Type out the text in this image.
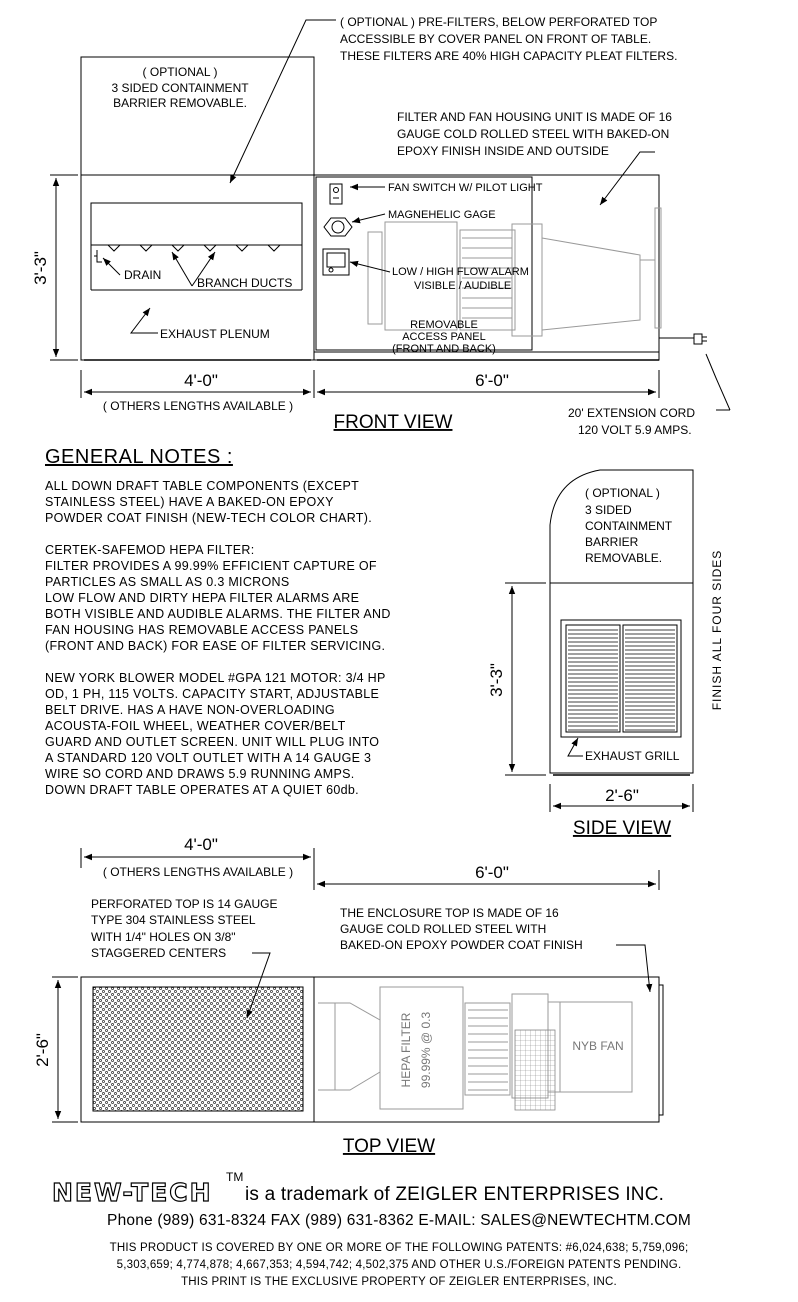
( OPTIONAL )
3 SIDED CONTAINMENT
BARRIER REMOVABLE.
( OPTIONAL ) PRE-FILTERS, BELOW PERFORATED TOP
ACCESSIBLE BY COVER PANEL ON FRONT OF TABLE.
THESE FILTERS ARE 40% HIGH CAPACITY PLEAT FILTERS.
FILTER AND FAN HOUSING UNIT IS MADE OF 16
GAUGE COLD ROLLED STEEL WITH BAKED-ON
EPOXY FINISH INSIDE AND OUTSIDE
FAN SWITCH W/ PILOT LIGHT
MAGNEHELIC GAGE
LOW / HIGH FLOW ALARM
VISIBLE / AUDIBLE
REMOVABLE
ACCESS PANEL
(FRONT AND BACK)
DRAIN
BRANCH DUCTS
EXHAUST PLENUM
3'-3"
4'-0"
( OTHERS LENGTHS AVAILABLE )
6'-0"
FRONT VIEW	20' EXTENSION CORD
120 VOLT 5.9 AMPS.
( OPTIONAL )
3 SIDED
CONTAINMENT
BARRIER
REMOVABLE.	FINISH ALL FOUR SIDES
EXHAUST GRILL
3'-3"
2'-6"
SIDE VIEW
4'-0"
( OTHERS LENGTHS AVAILABLE )	6'-0"
PERFORATED TOP IS 14 GAUGE
TYPE 304 STAINLESS STEEL
WITH 1/4" HOLES ON 3/8"
STAGGERED CENTERS
THE ENCLOSURE TOP IS MADE OF 16
GAUGE COLD ROLLED STEEL WITH
BAKED-ON EPOXY POWDER COAT FINISH
HEPA FILTER 99.99% @ 0.3	NYB FAN
2'-6"
TOP VIEW
GENERAL NOTES :

ALL DOWN DRAFT TABLE COMPONENTS (EXCEPT
STAINLESS STEEL) HAVE A BAKED-ON EPOXY
POWDER COAT FINISH (NEW-TECH COLOR CHART).

CERTEK-SAFEMOD HEPA FILTER:
FILTER PROVIDES A 99.99% EFFICIENT CAPTURE OF
PARTICLES AS SMALL AS 0.3 MICRONS
LOW FLOW AND DIRTY HEPA FILTER ALARMS ARE
BOTH VISIBLE AND AUDIBLE ALARMS. THE FILTER AND
FAN HOUSING HAS REMOVABLE ACCESS PANELS
(FRONT AND BACK) FOR EASE OF FILTER SERVICING.

NEW YORK BLOWER MODEL #GPA 121 MOTOR: 3/4 HP
OD, 1 PH, 115 VOLTS. CAPACITY START, ADJUSTABLE
BELT DRIVE. HAS A HAVE NON-OVERLOADING
ACOUSTA-FOIL WHEEL, WEATHER COVER/BELT
GUARD AND OUTLET SCREEN. UNIT WILL PLUG INTO
A STANDARD 120 VOLT OUTLET WITH A 14 GAUGE 3
WIRE SO CORD AND DRAWS 5.9 RUNNING AMPS.
DOWN DRAFT TABLE OPERATES AT A QUIET 60db.

NEW-TECH
TM
is a trademark of ZEIGLER ENTERPRISES INC.
Phone (989) 631-8324 FAX (989) 631-8362 E-MAIL: SALES@NEWTECHTM.COM
THIS PRODUCT IS COVERED BY ONE OR MORE OF THE FOLLOWING PATENTS: #6,024,638; 5,759,096;
5,303,659; 4,774,878; 4,667,353; 4,594,742; 4,502,375 AND OTHER U.S./FOREIGN PATENTS PENDING.
THIS PRINT IS THE EXCLUSIVE PROPERTY OF ZEIGLER ENTERPRISES, INC.
